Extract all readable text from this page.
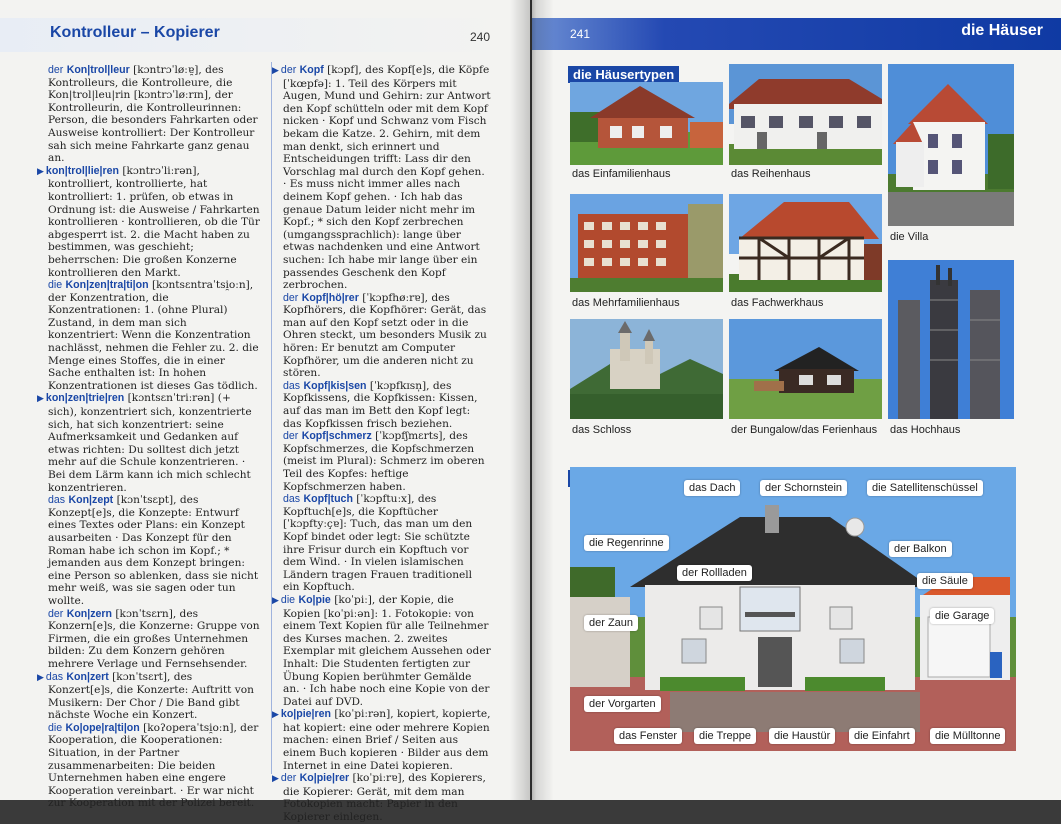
Kontrolleur – Kopierer	240
der Kon|trol|leur [kɔntrɔˈløːɐ̯], des Kontrolleurs, die Kontrolleure, die Kon|trol|leu|rin [kɔntrɔˈløːrɪn], der Kontrolleurin, die Kontrolleurinnen: Person, die besonders Fahrkarten oder Ausweise kontrolliert: Der Kontrolleur sah sich meine Fahrkarte ganz genau an.
▶ kon|trol|lie|ren [kɔntrɔˈliːrən], kontrolliert, kontrollierte, hat kontrolliert: 1. prüfen, ob etwas in Ordnung ist: die Ausweise / Fahrkarten kontrollieren · kontrollieren, ob die Tür abgesperrt ist. 2. die Macht haben zu bestimmen, was geschieht; beherrschen: Die großen Konzerne kontrollieren den Markt.
die Kon|zen|tra|ti|on [kɔntsɛntraˈtsi̯oːn], der Konzentration, die Konzentrationen: 1. (ohne Plural) Zustand, in dem man sich konzentriert: Wenn die Konzentration nachlässt, nehmen die Fehler zu. 2. die Menge eines Stoffes, die in einer Sache enthalten ist: In hohen Konzentrationen ist dieses Gas tödlich.
▶ kon|zen|trie|ren [kɔntsɛnˈtriːrən] (+ sich), konzentriert sich, konzentrierte sich, hat sich konzentriert: seine Aufmerksamkeit und Gedanken auf etwas richten: Du solltest dich jetzt mehr auf die Schule konzentrieren. · Bei dem Lärm kann ich mich schlecht konzentrieren.
das Kon|zept [kɔnˈtsɛpt], des Konzept[e]s, die Konzepte: Entwurf eines Textes oder Plans: ein Konzept ausarbeiten · Das Konzept für den Roman habe ich schon im Kopf.; * jemanden aus dem Konzept bringen: eine Person so ablenken, dass sie nicht mehr weiß, was sie sagen oder tun wollte.
der Kon|zern [kɔnˈtsɛrn], des Konzern[e]s, die Konzerne: Gruppe von Firmen, die ein großes Unternehmen bilden: Zu dem Konzern gehören mehrere Verlage und Fernsehsender.
▶ das Kon|zert [kɔnˈtsɛrt], des Konzert[e]s, die Konzerte: Auftritt von Musikern: Der Chor / Die Band gibt nächste Woche ein Konzert.
die Ko|ope|ra|ti|on [koʔoperaˈtsi̯oːn], der Kooperation, die Kooperationen: Situation, in der Partner zusammenarbeiten: Die beiden Unternehmen haben eine engere Kooperation vereinbart. · Er war nicht zur Kooperation mit der Polizei bereit.
▶ der Kopf [kɔpf], des Kopf[e]s, die Köpfe [ˈkœpfə]: 1. Teil des Körpers mit Augen, Mund und Gehirn: zur Antwort den Kopf schütteln oder mit dem Kopf nicken · Kopf und Schwanz vom Fisch bekam die Katze. 2. Gehirn, mit dem man denkt, sich erinnert und Entscheidungen trifft: Lass dir den Vorschlag mal durch den Kopf gehen. · Es muss nicht immer alles nach deinem Kopf gehen. · Ich hab das genaue Datum leider nicht mehr im Kopf.; * sich den Kopf zerbrechen (umgangssprachlich): lange über etwas nachdenken und eine Antwort suchen: Ich habe mir lange über ein passendes Geschenk den Kopf zerbrochen.
der Kopf|hö|rer [ˈkɔpfhøːrɐ], des Kopfhörers, die Kopfhörer: Gerät, das man auf den Kopf setzt oder in die Ohren steckt, um besonders Musik zu hören: Er benutzt am Computer Kopfhörer, um die anderen nicht zu stören.
das Kopf|kis|sen [ˈkɔpfkɪsn̩], des Kopfkissens, die Kopfkissen: Kissen, auf das man im Bett den Kopf legt: das Kopfkissen frisch beziehen.
der Kopf|schmerz [ˈkɔpfʃmɛrts], des Kopfschmerzes, die Kopfschmerzen (meist im Plural): Schmerz im oberen Teil des Kopfes: heftige Kopfschmerzen haben.
das Kopf|tuch [ˈkɔpftuːx], des Kopftuch[e]s, die Kopftücher [ˈkɔpftyːçɐ]: Tuch, das man um den Kopf bindet oder legt: Sie schützte ihre Frisur durch ein Kopftuch vor dem Wind. · In vielen islamischen Ländern tragen Frauen traditionell ein Kopftuch.
▶ die Ko|pie [koˈpiː], der Kopie, die Kopien [koˈpiːən]: 1. Fotokopie: von einem Text Kopien für alle Teilnehmer des Kurses machen. 2. zweites Exemplar mit gleichem Aussehen oder Inhalt: Die Studenten fertigten zur Übung Kopien berühmter Gemälde an. · Ich habe noch eine Kopie von der Datei auf DVD.
▶ ko|pie|ren [koˈpiːrən], kopiert, kopierte, hat kopiert: eine oder mehrere Kopien machen: einen Brief / Seiten aus einem Buch kopieren · Bilder aus dem Internet in eine Datei kopieren.
▶ der Ko|pie|rer [koˈpiːrɐ], des Kopierers, die Kopierer: Gerät, mit dem man Fotokopien macht: Papier in den Kopierer einlegen.
241	die Häuser
die Häusertypen
das Einfamilienhaus	das Reihenhaus
die Villa
das Mehrfamilienhaus	das Fachwerkhaus
das Schloss	der Bungalow/das Ferienhaus das Hochhaus
das Dach	der Schornstein	die Satellitenschüssel
die Regenrinne	der Balkon
der Rollladen
die Säule
der Zaun
die Garage
der Vorgarten
das Fenster	die Treppe	die Haustür	die Einfahrt	die Mülltonne
